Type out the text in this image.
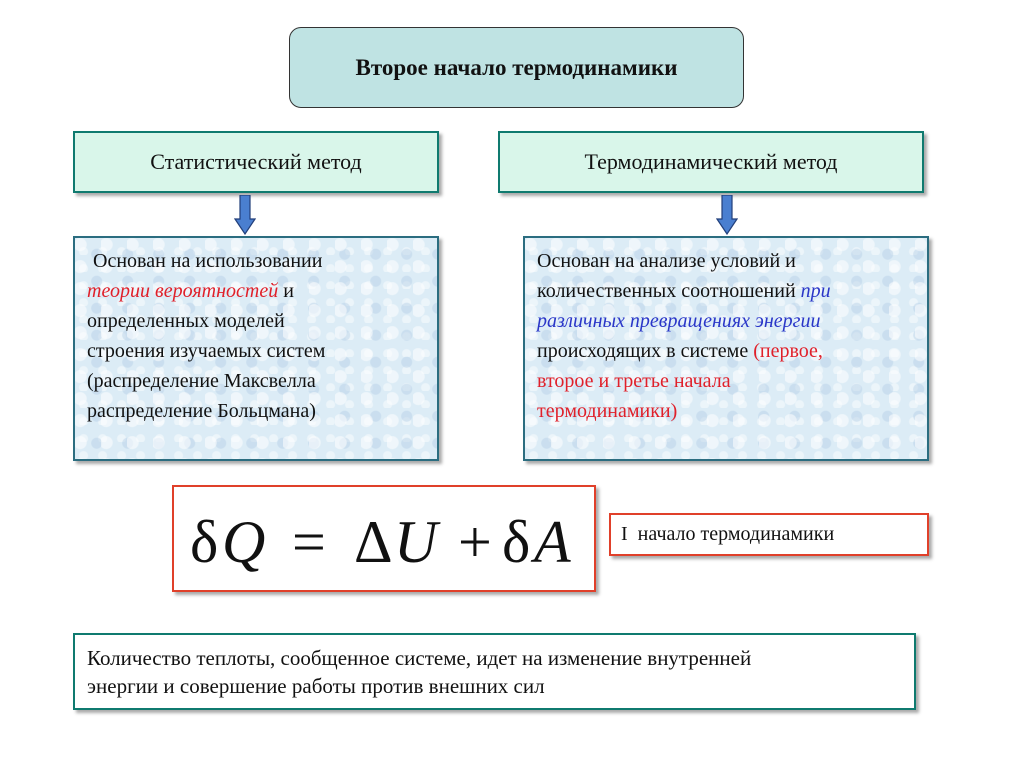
Второе начало термодинамики
Статистический метод	Термодинамический метод
Основан на использовании
теории вероятностей и
определенных моделей
строения изучаемых систем
(распределение Максвелла
распределение Больцмана)
Основан на анализе условий и
количественных соотношений при
различных превращениях энергии
происходящих в системе (первое,
второе и третье начала
термодинамики)
δ Q = Δ U + δ A	I  начало термодинамики
Количество теплоты, сообщенное системе, идет на изменение внутренней
энергии и совершение работы против внешних сил
